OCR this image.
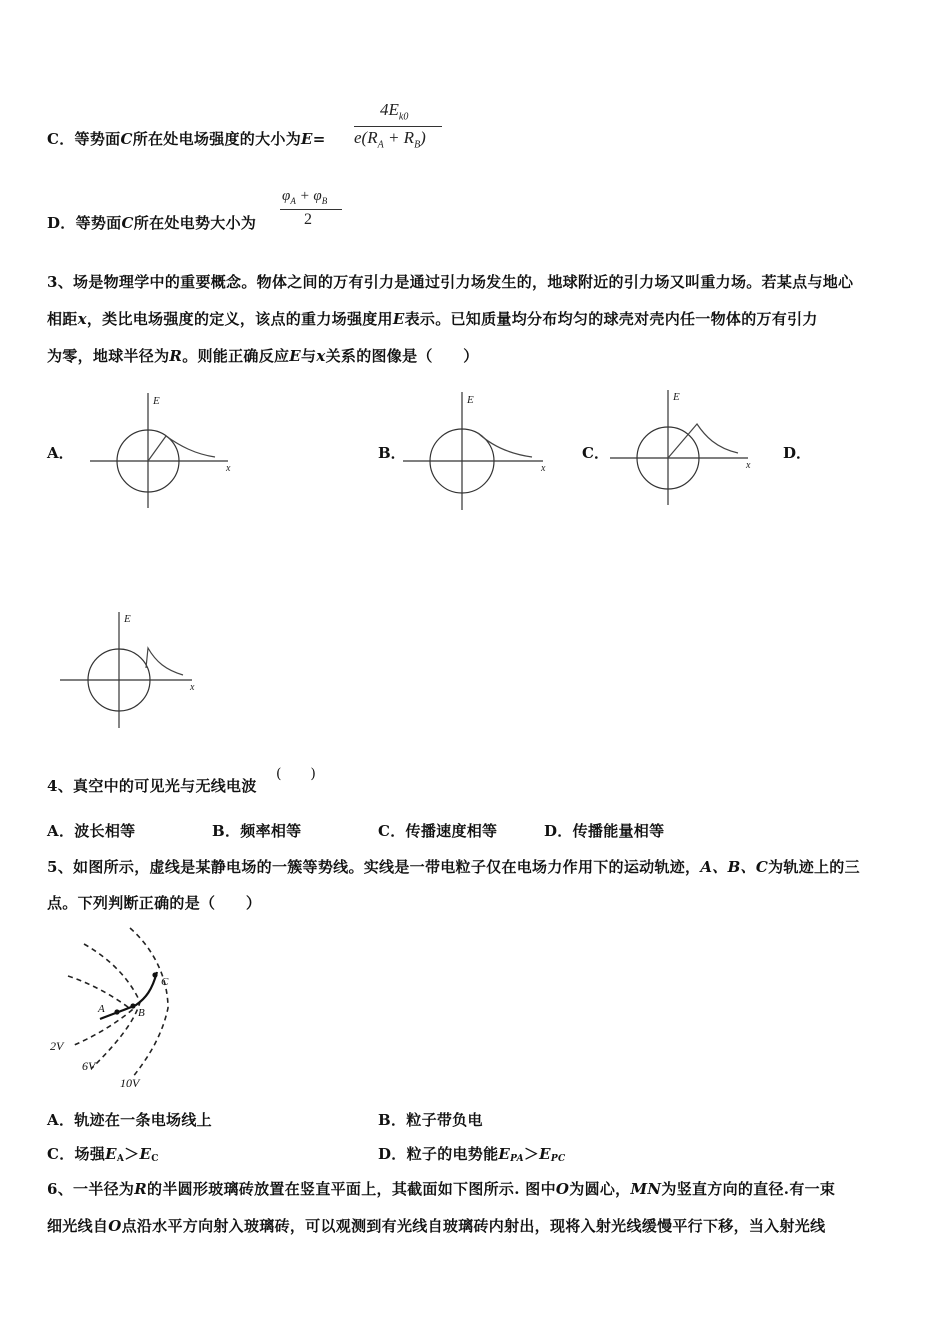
C．等势面C所在处电场强度的大小为E=
$4E_{k0}$
$e(R_A + R_B)$
D．等势面C所在处电势大小为
$\varphi_A + \varphi_B$
2
3、场是物理学中的重要概念。物体之间的万有引力是通过引力场发生的，地球附近的引力场又叫重力场。若某点与地心
相距x，类比电场强度的定义，该点的重力场强度用E表示。已知质量均分布均匀的球壳对壳内任一物体的万有引力
为零，地球半径为R。则能正确反应E与x关系的图像是（　　）
A．	B．	C．	D．
E
x
E
x
E
x
E
x
4、真空中的可见光与无线电波
(　　)
A．波长相等	B．频率相等	C．传播速度相等	D．传播能量相等
5、如图所示，虚线是某静电场的一簇等势线。实线是一带电粒子仅在电场力作用下的运动轨迹，A、B、C为轨迹上的三
点。下列判断正确的是（　　）
A	B
C
2V
6V
10V
A．轨迹在一条电场线上	B．粒子带负电
C．场强$E_A>E_C$	D．粒子的电势能$E_{PA}>E_{PC}$
6、一半径为R的半圆形玻璃砖放置在竖直平面上，其截面如下图所示. 图中O为圆心，MN为竖直方向的直径.有一束
细光线自O点沿水平方向射入玻璃砖，可以观测到有光线自玻璃砖内射出，现将入射光线缓慢平行下移，当入射光线
